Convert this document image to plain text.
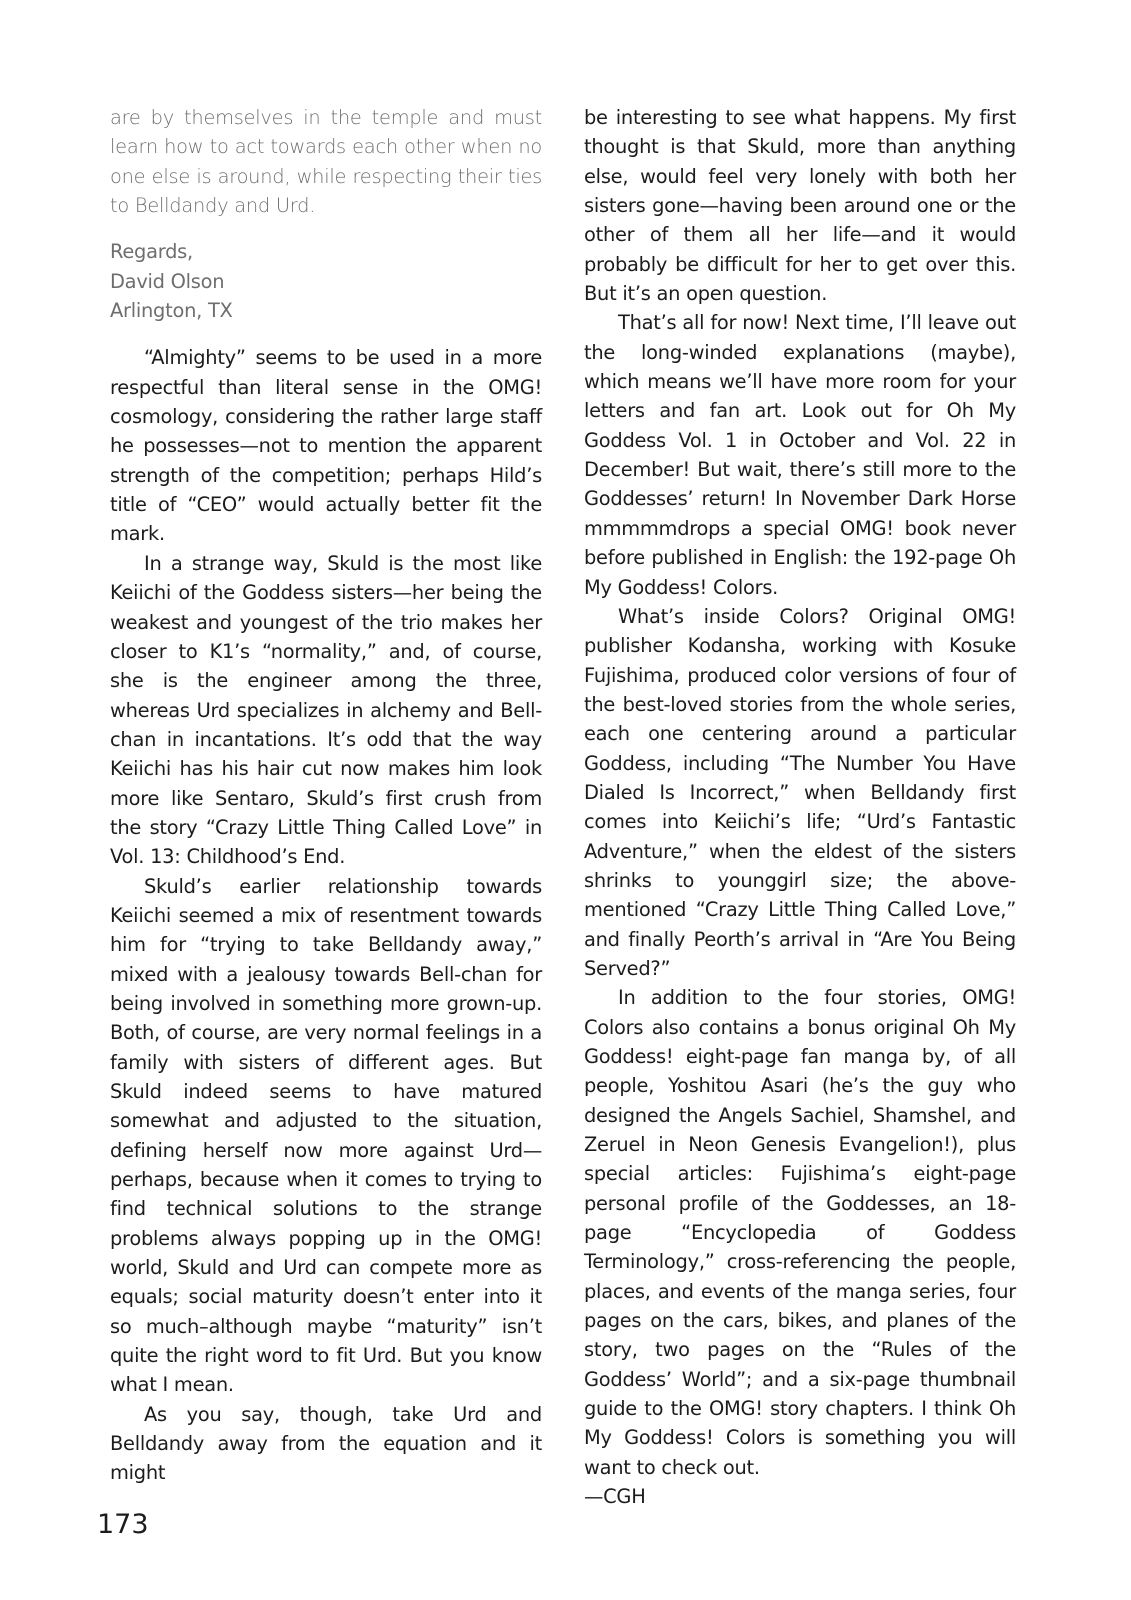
are by themselves in the temple and must learn how to act towards each other when no one else is around, while respecting their ties to Belldandy and Urd.

Regards,

David Olson

Arlington, TX

“Almighty” seems to be used in a more respectful than literal sense in the OMG! cosmology, considering the rather large staff he possesses—not to mention the apparent strength of the competition; perhaps Hild’s title of “CEO” would actually better fit the mark.

In a strange way, Skuld is the most like Keiichi of the Goddess sisters—her being the weakest and youngest of the trio makes her closer to K1’s “normality,” and, of course, she is the engineer among the three, whereas Urd specializes in alchemy and Bell-chan in incantations. It’s odd that the way Keiichi has his hair cut now makes him look more like Sentaro, Skuld’s first crush from the story “Crazy Little Thing Called Love” in Vol. 13: Childhood’s End.

Skuld’s earlier relationship towards Keiichi seemed a mix of resentment towards him for “trying to take Belldandy away,” mixed with a jealousy towards Bell-chan for being involved in something more grown-up. Both, of course, are very normal feelings in a family with sisters of different ages. But Skuld indeed seems to have matured somewhat and adjusted to the situation, defining herself now more against Urd—perhaps, because when it comes to trying to find technical solutions to the strange problems always popping up in the OMG! world, Skuld and Urd can compete more as equals; social maturity doesn’t enter into it so much–although maybe “maturity” isn’t quite the right word to fit Urd. But you know what I mean.

As you say, though, take Urd and Belldandy away from the equation and it might

be interesting to see what happens. My first thought is that Skuld, more than anything else, would feel very lonely with both her sisters gone—having been around one or the other of them all her life—and it would probably be difficult for her to get over this. But it’s an open question.

That’s all for now! Next time, I’ll leave out the long-winded explanations (maybe), which means we’ll have more room for your letters and fan art. Look out for Oh My Goddess Vol. 1 in October and Vol. 22 in December! But wait, there’s still more to the Goddesses’ return! In November Dark Horse mmmmmdrops a special OMG! book never before published in English: the 192-page Oh My Goddess! Colors.

What’s inside Colors? Original OMG! publisher Kodansha, working with Kosuke Fujishima, produced color versions of four of the best-loved stories from the whole series, each one centering around a particular Goddess, including “The Number You Have Dialed Is Incorrect,” when Belldandy first comes into Keiichi’s life; “Urd’s Fantastic Adventure,” when the eldest of the sisters shrinks to younggirl size; the above-mentioned “Crazy Little Thing Called Love,” and finally Peorth’s arrival in “Are You Being Served?”

In addition to the four stories, OMG! Colors also contains a bonus original Oh My Goddess! eight-page fan manga by, of all people, Yoshitou Asari (he’s the guy who designed the Angels Sachiel, Shamshel, and Zeruel in Neon Genesis Evangelion!), plus special articles: Fujishima’s eight-page personal profile of the Goddesses, an 18-page “Encyclopedia of Goddess Terminology,” cross-referencing the people, places, and events of the manga series, four pages on the cars, bikes, and planes of the story, two pages on the “Rules of the Goddess’ World”; and a six-page thumbnail guide to the OMG! story chapters. I think Oh My Goddess! Colors is something you will want to check out.

—CGH

173
